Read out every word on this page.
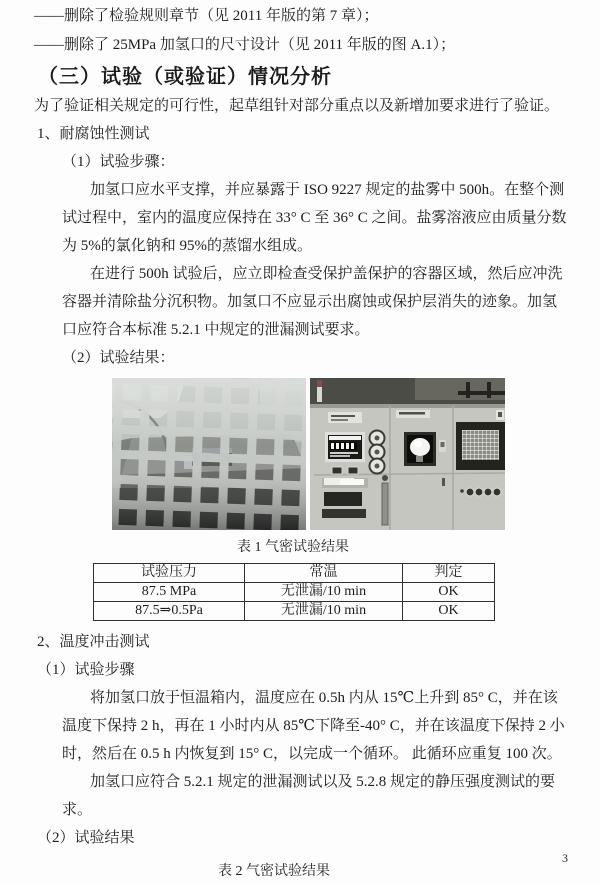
——删除了检验规则章节（见 2011 年版的第 7 章）；

——删除了 25MPa 加氢口的尺寸设计（见 2011 年版的图 A.1）；

（三）试验（或验证）情况分析

为了验证相关规定的可行性，起草组针对部分重点以及新增加要求进行了验证。

1、耐腐蚀性测试

（1）试验步骤：

加氢口应水平支撑，并应暴露于 ISO 9227 规定的盐雾中 500h。在整个测试过程中，室内的温度应保持在 33° C 至 36° C 之间。盐雾溶液应由质量分数为 5%的氯化钠和 95%的蒸馏水组成。

在进行 500h 试验后，应立即检查受保护盖保护的容器区域，然后应冲洗容器并清除盐分沉积物。加氢口不应显示出腐蚀或保护层消失的迹象。加氢口应符合本标准 5.2.1 中规定的泄漏测试要求。

（2）试验结果：

表 1 气密试验结果

试验压力	常温	判定
87.5 MPa	无泄漏/10 min	OK
87.5⇒0.5Pa	无泄漏/10 min	OK

2、温度冲击测试

（1）试验步骤

将加氢口放于恒温箱内，温度应在 0.5h 内从 15℃上升到 85° C，并在该温度下保持 2 h，再在 1 小时内从 85℃下降至-40° C，并在该温度下保持 2 小时，然后在 0.5 h 内恢复到 15° C，以完成一个循环。 此循环应重复 100 次。

加氢口应符合 5.2.1 规定的泄漏测试以及 5.2.8 规定的静压强度测试的要求。

（2）试验结果

表 2 气密试验结果

3
